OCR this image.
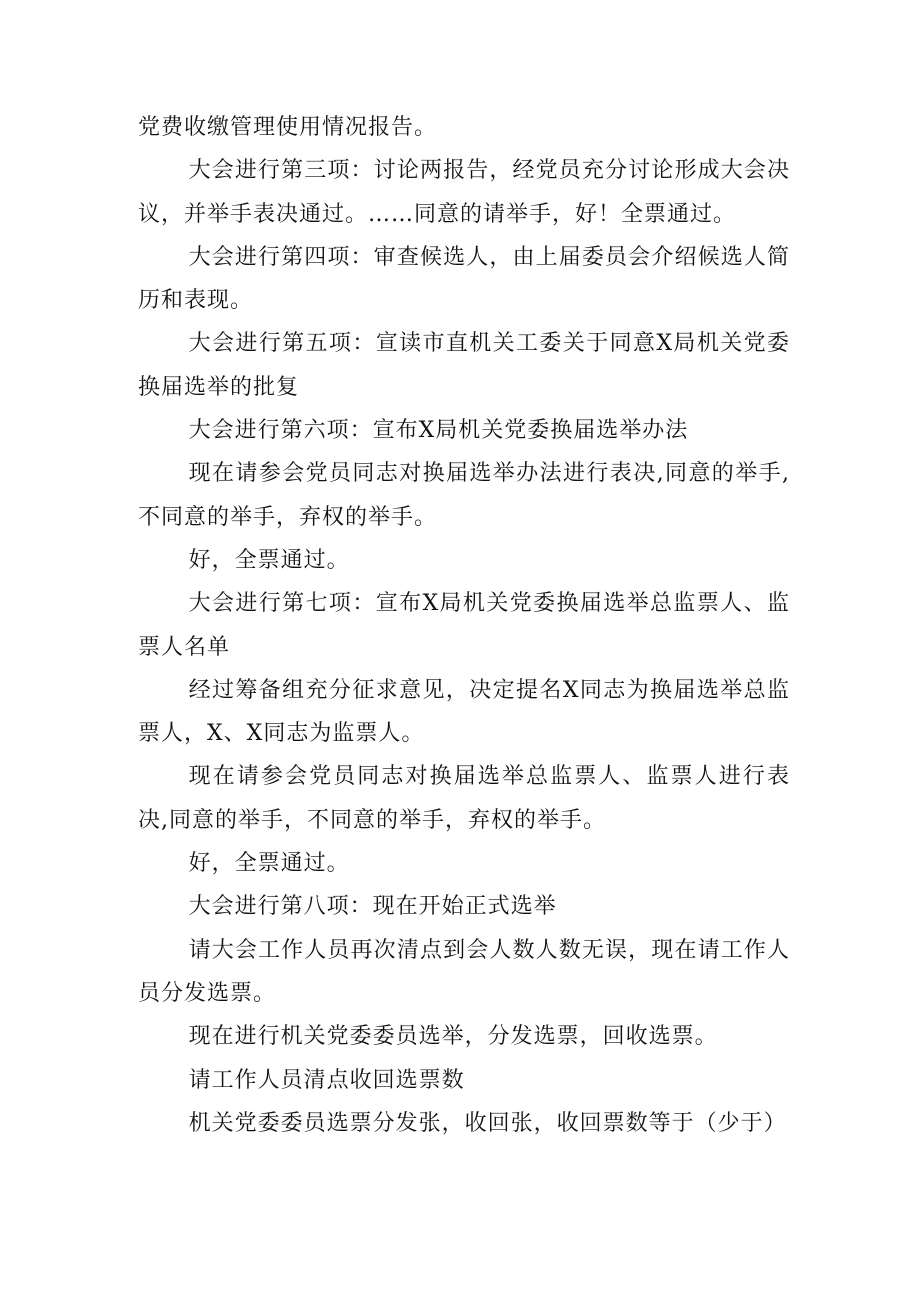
党费收缴管理使用情况报告。

大会进行第三项：讨论两报告，经党员充分讨论形成大会决议，并举手表决通过。……同意的请举手，好！全票通过。

大会进行第四项：审查候选人，由上届委员会介绍候选人简历和表现。

大会进行第五项：宣读市直机关工委关于同意X局机关党委换届选举的批复

大会进行第六项：宣布X局机关党委换届选举办法

现在请参会党员同志对换届选举办法进行表决,同意的举手,不同意的举手，弃权的举手。

好，全票通过。

大会进行第七项：宣布X局机关党委换届选举总监票人、监票人名单

经过筹备组充分征求意见，决定提名X同志为换届选举总监票人，X、X同志为监票人。

现在请参会党员同志对换届选举总监票人、监票人进行表决,同意的举手，不同意的举手，弃权的举手。

好，全票通过。

大会进行第八项：现在开始正式选举

请大会工作人员再次清点到会人数人数无误，现在请工作人员分发选票。

现在进行机关党委委员选举，分发选票，回收选票。

请工作人员清点收回选票数

机关党委委员选票分发张，收回张，收回票数等于（少于）
